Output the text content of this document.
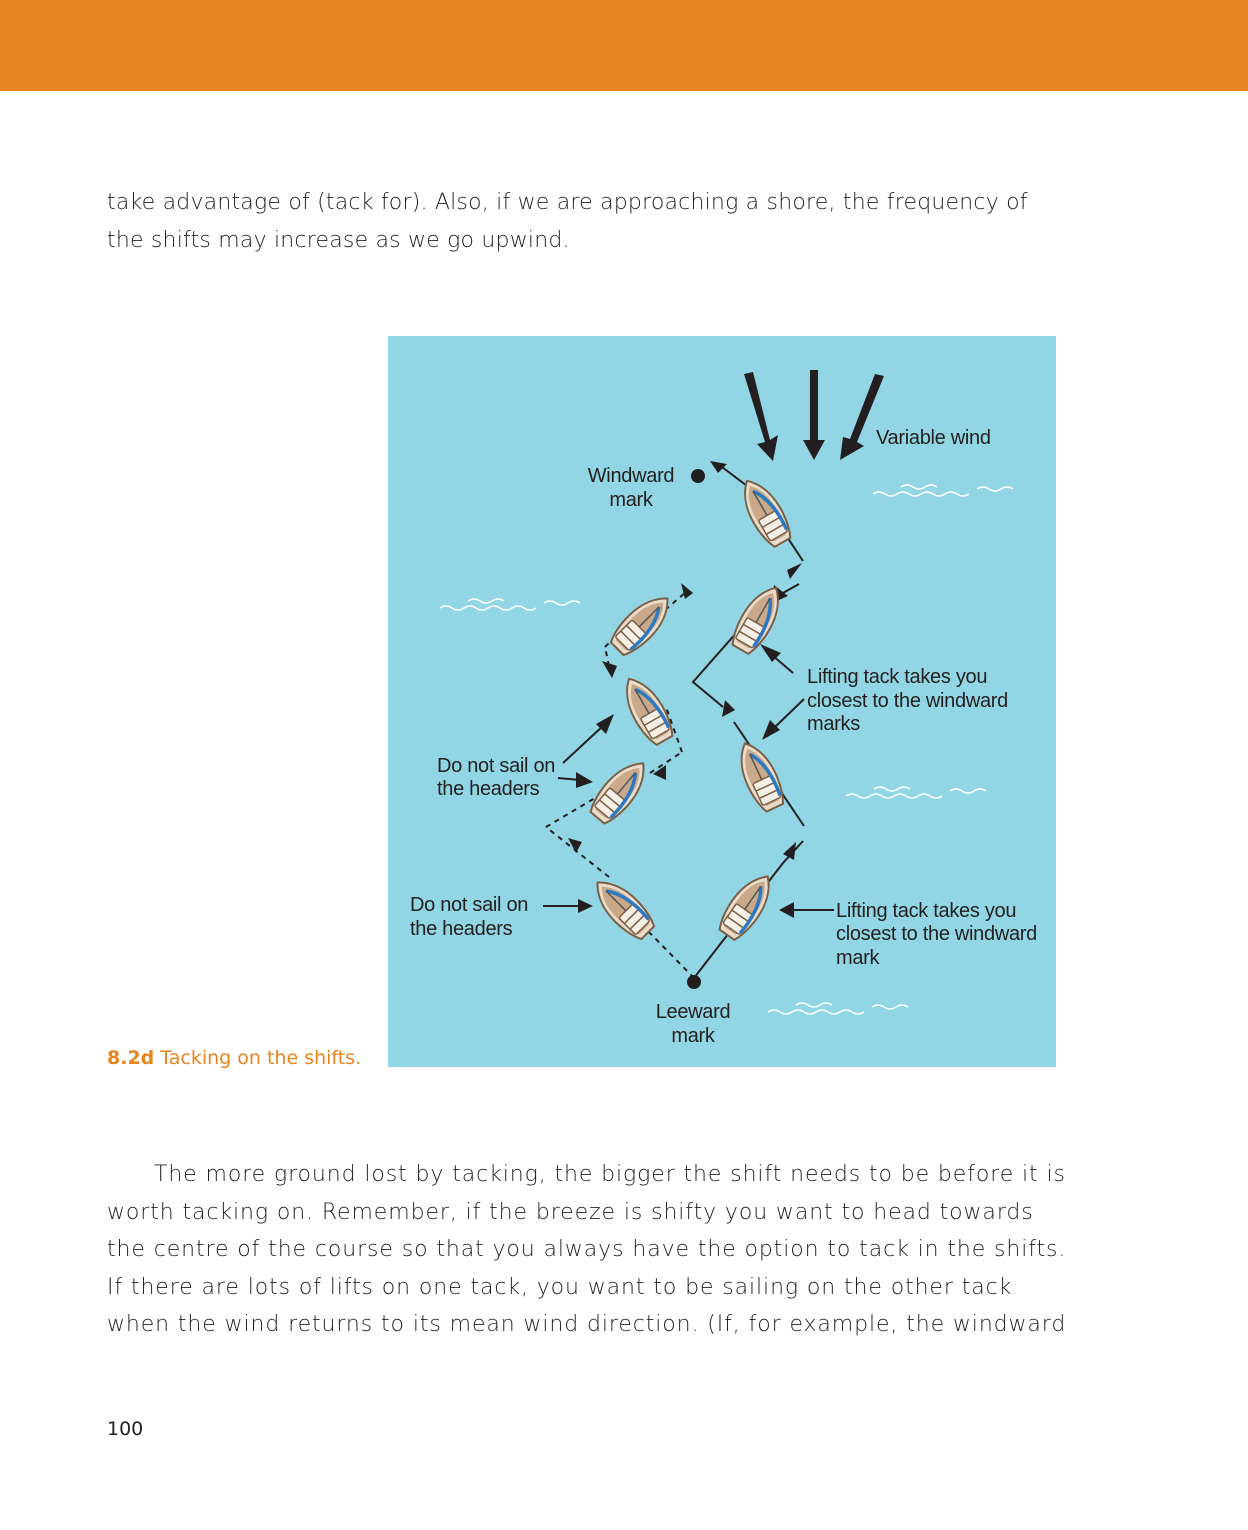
take advantage of (tack for). Also, if we are approaching a shore, the frequency of the shifts may increase as we go upwind.

Variable wind
Windward
mark
Lifting tack takes you
closest to the windward
marks
Do not sail on
the headers
Do not sail on
the headers
Lifting tack takes you
closest to the windward
mark
Leeward
mark
8.2d Tacking on the shifts.

The more ground lost by tacking, the bigger the shift needs to be before it is worth tacking on. Remember, if the breeze is shifty you want to head towards the centre of the course so that you always have the option to tack in the shifts. If there are lots of lifts on one tack, you want to be sailing on the other tack when the wind returns to its mean wind direction. (If, for example, the windward

100
